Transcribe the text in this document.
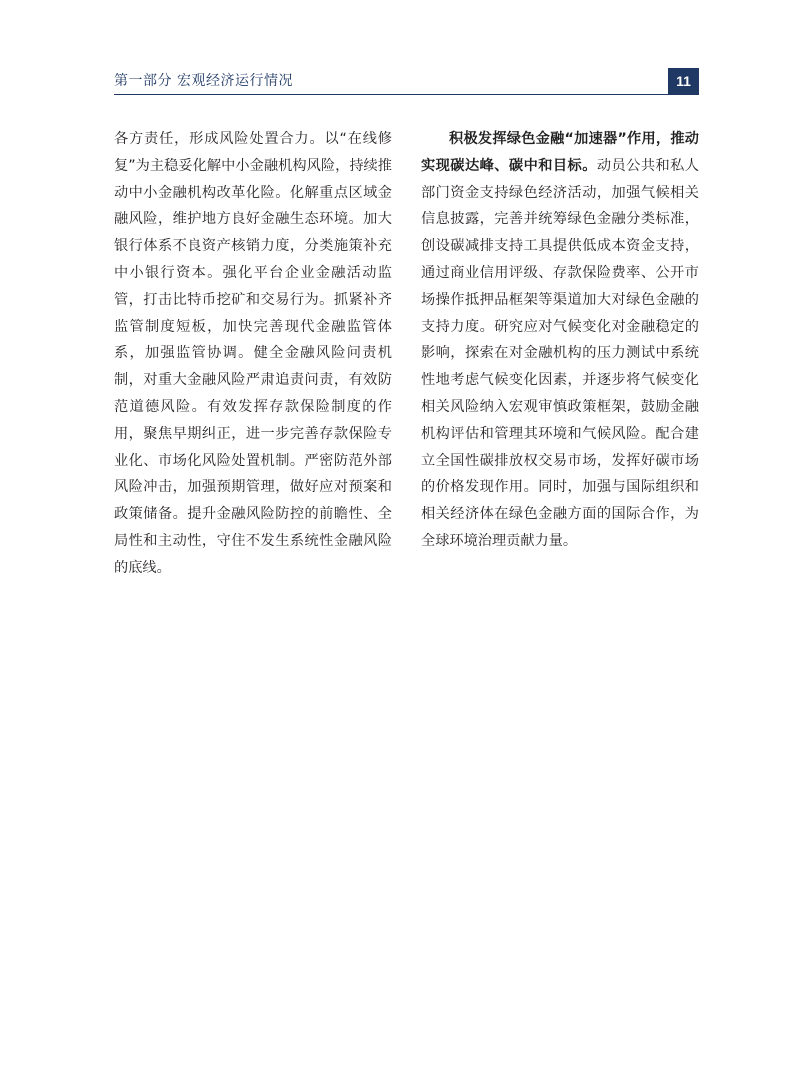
第一部分 宏观经济运行情况	11

各方责任，形成风险处置合力。以“在线修复”为主稳妥化解中小金融机构风险，持续推动中小金融机构改革化险。化解重点区域金融风险，维护地方良好金融生态环境。加大银行体系不良资产核销力度，分类施策补充中小银行资本。强化平台企业金融活动监管，打击比特币挖矿和交易行为。抓紧补齐监管制度短板，加快完善现代金融监管体系，加强监管协调。健全金融风险问责机制，对重大金融风险严肃追责问责，有效防范道德风险。有效发挥存款保险制度的作用，聚焦早期纠正，进一步完善存款保险专业化、市场化风险处置机制。严密防范外部风险冲击，加强预期管理，做好应对预案和政策储备。提升金融风险防控的前瞻性、全局性和主动性，守住不发生系统性金融风险的底线。

积极发挥绿色金融“加速器”作用，推动实现碳达峰、碳中和目标。动员公共和私人部门资金支持绿色经济活动，加强气候相关信息披露，完善并统筹绿色金融分类标准，创设碳减排支持工具提供低成本资金支持，通过商业信用评级、存款保险费率、公开市场操作抵押品框架等渠道加大对绿色金融的支持力度。研究应对气候变化对金融稳定的影响，探索在对金融机构的压力测试中系统性地考虑气候变化因素，并逐步将气候变化相关风险纳入宏观审慎政策框架，鼓励金融机构评估和管理其环境和气候风险。配合建立全国性碳排放权交易市场，发挥好碳市场的价格发现作用。同时，加强与国际组织和相关经济体在绿色金融方面的国际合作，为全球环境治理贡献力量。
